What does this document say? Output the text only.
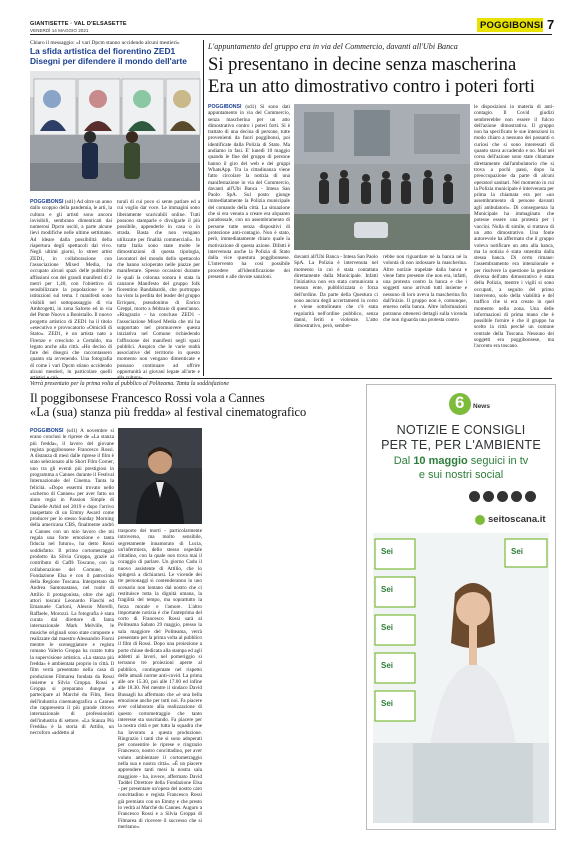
GIANTISETTE · VAL D'ELSASETTE
VENERDÌ 14 MAGGIO 2021	POGGIBONSI 7
Chiaro il messaggio: «I vari Dpcm stanno uccidendo alcuni mestieri»
La sfida artistica del fiorentino ZED1
Disegni per difendere il mondo dell'arte
POGGIBONSI (sd1) Ad oltre un anno dallo scoppio della pandemia, le arti, la cultura e gli artisti sono ancora invisibili, sembrano dimenticati dai numerosi Dpcm uscitì, a parte alcune lievi modifiche nelle ultime settimane. Ad ideare dalla possibilità della riapertura degli spettacoli dal vivo. Negli ultimi giorni, lo street artist ZED1, in collaborazione con l'associazione Mixed Media, ha occupato alcuni spazi delle pubbliche affissioni con dei grandi manifesti di 2 metri per 1,40, con l'obiettivo di sensibilizzare la popolazione e le istituzioni sul tema. I manifesti sono visibili nel sottopassaggio di via Ambrogetti, in zona Salceto ed in via del Ponte Nuovo a Bonistallo. Il nuovo progetto artistico di ZED1 ha il titolo «esecutivo e provocatorio «Omicidi di Stato». ZED1, è un artista nato a Firenze e cresciuto a Certaldo, ma legato anche alla città. «Ho deciso di fare dei disegni che raccontassero quanto sta avvenendo. Una fotografia di come i vari Dpcm stiano uccidendo alcuni mestieri, in particolare quelli
turali di cui poco si sente parlare ed a cui voglio dar voce. Le immagini sono liberamente scaricabili online. Tutti possono stamparle e divulgarle il più possibile, appenderle in casa o in strada. Basta che non vengano utilizzate per finalità commerciali». In tutta Italia sono state molte le dimostrazioni di questa tipologia, lavoratori del mondo dello spettacolo che hanno scioperato nelle piazze per manifestare. Spesso occasioni durante le quali la colonna sonora è stata la canzone Manifesto del gruppo folk fiorentino Bandabardò, che purtroppo ha visto la perdita del leader del gruppo Erriquez, pseudonimo di Enrico Greppi, morto a febbraio di quest'anno. «Ringrazio - ha concluso ZED1 - l'associazione Mixed Media che mi ha supportato nel promuovere questa iniziativa nel Comune richiedendo l'affissione dei manifesti negli spazi pubblici. Auspico che le varie realtà associative del territorio in questo momento non vengano dimenticate e possano continuare ad offrire opportunità ai giovani legate all'arte e
L'appuntamento del gruppo era in via del Commercio, davanti all'Ubi Banca
Si presentano in decine senza mascherina
Era un atto dimostrativo contro i poteri forti
POGGIBONSI (sd1) Si sono dati appuntamento in via del Commercio, senza mascherina per un atto dimostrativo contro i poteri forti. Si è trattato di una decina di persone, tutte provenienti da fuori poggibonsi, poi identificate dalla Polizia di Stato. Ma andiamo in fasi. E' lunedì 10 maggio quando le fine del gruppo di persone hanno il giro del web e dei gruppi WhatsApp. Tra la cittadinanza viene fatto circolare la notizia di una manifestazione in via del Commercio, davanti all'Ubi Banca - Intesa San Paolo SpA. Sul posto giunge immediatamente la Polizia municipale del comando della città. La situazione che si era venuta a creare era alquanto paradossale, con un assembramento di persone tutte senza dispositivi di protezione anti-contagio. Non è stato, però, immediatamente chiaro quale la motivazione di questa azione. Difatti è intervenuta anche la Polizia di Stato dalla vice questura poggibonsese. L'intervento ha così possibile procedere all'identificazione dei presenti e alle dovute sanzioni.
davanti all'Ubi Banca - Intesa San Paolo SpA. La Polizia è intervenuta nel momento in cui è stata contattata direttamente dalla Municipale. Infatti l'iniziativa non era stata comunicata a nessun ente, pubblicizzata o forza dell'ordine. Da parte della Questura ci sono ancora degli accertamenti in corso e viene sottolineato che c'è stata regolarità nell'ordine pubblico, senza danni, feriti o violenze. L'atto dimostrativo, però, sembre-
rebbe non riguardare né la banca né la volontà di non indossare la mascherina. Altre notizie trapelate dalla banca e viene fatto presente che non era, infatti, una protesta contro la banca e che i soggetti sono arrivati tutti insieme e nessuno di loro aveva la mascherina fin dall'inizio. Il gruppo non è, comunque, emerso nella banca. Altre informazioni potranno ottenersi dettagli sulla vicenda che non riguarda una protesta contro
le disposizioni in materia di anti-contagio. Il Covid giudizi sembrerebbe non essere il fulcro dell'azione dimostrativa. Il gruppo non ha specificato le sue intenzioni in modo chiaro a nessuno dei passanti o curiosi che si sono interessati di quanto stava accadendo e no. Mai nel corso dell'azione sono state chiamate direttamente dall'ambulatorio che si trova a pochi passi, dopo la preoccupazione da parte di alcuni operatori sanitari. Nel momento in cui la Polizia municipale è intervenuta per prima la chiamata era per «un assembramento di persone davanti agli ambulatori». Di conseguenza la Municipale ha immaginato che potesse essere una protesta per i vaccini. Nulla di simile, si trattava di un atto dimostrativo. Una fonte autorevole ha affermato che il gruppo voleva notificare un atto alla banca, ma la notizia è stata smentita dalla stessa banca. Di certo rimane: l'assembramento era intenzionale e per risolvere la questione la gestione diversa dell'atto dimostrativo è stata della Polizia, mentre i vigili si sono occupati, a seguito del primo intervento, solo della viabilità e del traffico che si era creato in quel momento nella zona. Una delle informazioni di prima mano che è possibile fornire è che il gruppo ha scelto la città perché un comune centrale della Toscana. Nessuno dei soggetti era poggibonsese, ma l'accento era toscano.
Verrà presentato per la prima volta al pubblico al Politeama. Tanta la soddisfazione
Il poggibonsese Francesco Rossi vola a Cannes
«La (sua) stanza più fredda» al festival cinematografico
POGGIBONSI (sd1) A novembre si erano conclusi le riprese de «La stanza più fredda», il lavoro del giovane regista poggibonsese Francesco Rossi. A distanza di mesi dalle riprese il film è stato selezionato allo Short Film Corner, uno tra gli eventi più prestigiosi in programma a Cannes durante il Festival Internazionale del Cinema. Tanta la felicità. «Dopo essermi trovato nello «scherno di Cannes» per aver fatto un aiuto regia in Passion Simple di Danielle Arbid nel 2019 e dopo l'arrivo inaspettato di un Emmy Award come producer per lo stesso Sunday Morning della americana CBS, finalmente andrò a Cannes con un mio lavoro che mi regala una forte emozione e tanta fiducia nel futuro», ha detto Rossi soddisfatto. Il primo cortometraggio prodotto da Silvia Groppa, grazie al contributo di Caffè Toscano, con la collaborazione del Comune, di Fondazione Elsa e con il patrocinio della Regione Toscana. Interpretato da Andrea Santonastaso, nel ruolo di Attilio il protagonista, oltre che agli attori toscani Leonardo Fiaschi ed Emanuele Carloni, Alessio Morelli, Raffaele, Morozzi. La fotografia è stata curata dal direttore di fama internazionale Mark Melville, le musiche originali sono state composte e realizzate dal maestro Alessandro Fiorni mentre le sceneggiatore e regista romano Valerio Groppa ha curato tutta la supervisione artistica. «La stanza più fredda» è ambientata proprio in città. Il film verrà presentato nella casa di produzione Filmarea fondata da Rossi insieme a Silvia Groppa. Rossi e Groppa si preparano dunque a partecipare al Marché du Film, fiera dell'industria cinematografica a Cannes che rappresenta il più grande ritrovo internazionale di professionisti dell'industria di settore. «La Stanza Più Fredda» è la storia di Attilio, un necroforo «addetto al
trasporto dei morti - particolarmente introverso, ma molto sensibile, segretamente innamorato di Lucia, un'infermiera, dello stesso ospedale cittadino, con la quale non trova mai il coraggio di parlare. Un giorno Cadu il nuovo assistente di Attilio, che lo spingerà a dichiararsi. Le vicende dei tre personaggi si contenderanno in uno scenario non lontano dal nostro che ci restituisce tutta la dignità umana, la fragilità del tempo, ma soprattutto la forza morale e l'amore. L'altro importante notizia è che l'anteprima del corto di Francesco Rossi sarà al Politeama Sabato 29 maggio, presso la sala maggiore del Politeama, verrà presentato per la prima volta al pubblico il film di Rossi. Dopo una proiezione a porte chiuse dedicata alla stampa ed agli addetti ai lavori, nel pomeriggio si terranno tre proiezioni aperte al pubblico, contingentate nel rispetto delle attuali norme anti-covid. La prima alle ore 15.30, poi alle 17.00 ed infine alle 18.30. Nel mentre il sindaco David Bussagli ha affermato che «è una bella emozione anche per tutti noi. Fa piacere aver collaborato alla realizzazione di questo cortometraggio che tanto interesse sta suscitando. Fa piacere per la nostra città e per tutta la squadra che ha lavorato a questa produzione. Ringrazio i tanti che si sono adoperati per consentire le riprese e ringrazio Francesco, nostro concittadino, per aver voluto ambientare il cortometraggio nella sua e nostra città». «È un piacere apprendere tanti mesi la nostra sala maggiore - ha, invece, affermato David Taddei Direttore della Fondazione Elsa - per presentare un'opera del nostro caro concittadino e regista Francesco Rossi già premiato con un Emmy e che presto lo vedrà al Marché du Cannes. Auguro a Francesco Rossi e a Silvia Groppa di Filmarea di ricevere il successo che si meritano».
6 News
NOTIZIE E CONSIGLI
PER TE, PER L'AMBIENTE
Dal 10 maggio seguici in tv
e sui nostri social
seitoscana.it
Sei
Sei
Sei
Sei
Sei
Sei
